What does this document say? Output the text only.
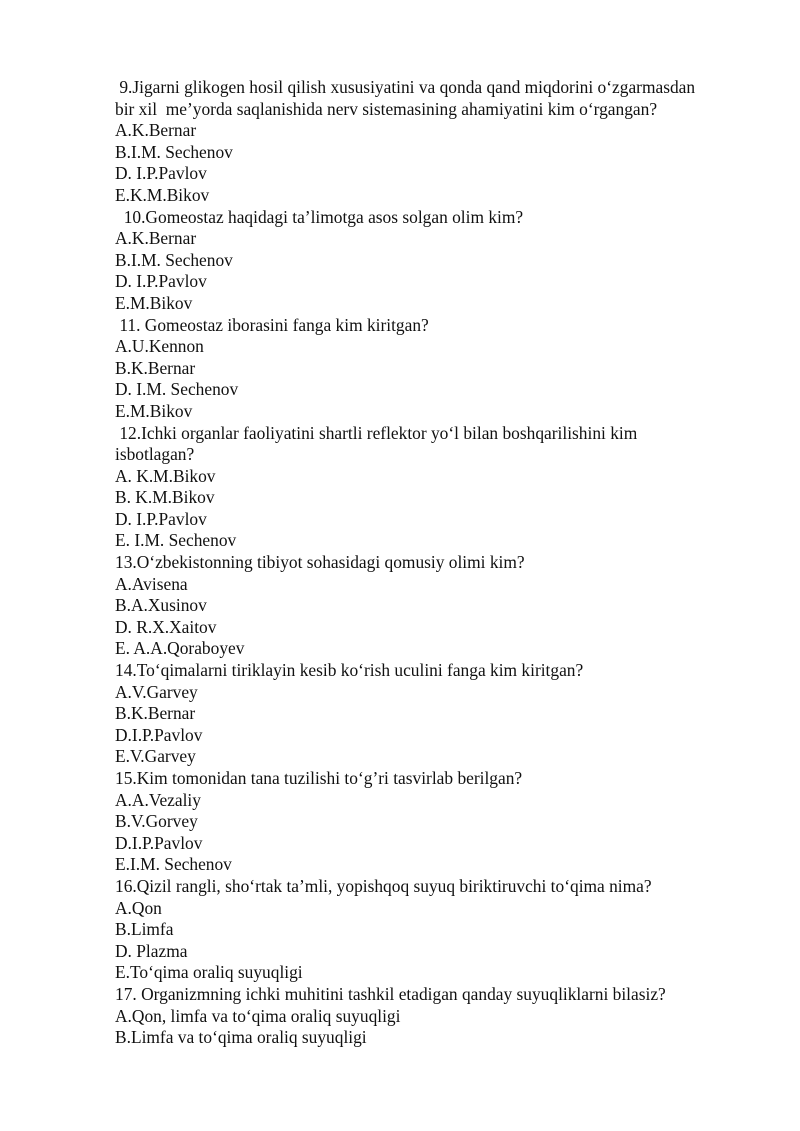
9.Jigarni glikogen hosil qilish xususiyatini va qonda qand miqdorini o‘zgarmasdan
bir xil  me’yorda saqlanishida nerv sistemasining ahamiyatini kim o‘rgangan?
A.K.Bernar
B.I.M. Sechenov
D. I.P.Pavlov
E.K.M.Bikov
10.Gomeostaz haqidagi ta’limotga asos solgan olim kim?
A.K.Bernar
B.I.M. Sechenov
D. I.P.Pavlov
E.M.Bikov
11. Gomeostaz iborasini fanga kim kiritgan?
A.U.Kennon
B.K.Bernar
D. I.M. Sechenov
E.M.Bikov
12.Ichki organlar faoliyatini shartli reflektor yo‘l bilan boshqarilishini kim
isbotlagan?
A. K.M.Bikov
B. K.M.Bikov
D. I.P.Pavlov
E. I.M. Sechenov
13.O‘zbekistonning tibiyot sohasidagi qomusiy olimi kim?
A.Avisena
B.A.Xusinov
D. R.X.Xaitov
E. A.A.Qoraboyev
14.To‘qimalarni tiriklayin kesib ko‘rish uculini fanga kim kiritgan?
A.V.Garvey
B.K.Bernar
D.I.P.Pavlov
E.V.Garvey
15.Kim tomonidan tana tuzilishi to‘g’ri tasvirlab berilgan?
A.A.Vezaliy
B.V.Gorvey
D.I.P.Pavlov
E.I.M. Sechenov
16.Qizil rangli, sho‘rtak ta’mli, yopishqoq suyuq biriktiruvchi to‘qima nima?
A.Qon
B.Limfa
D. Plazma
E.To‘qima oraliq suyuqligi
17. Organizmning ichki muhitini tashkil etadigan qanday suyuqliklarni bilasiz?
A.Qon, limfa va to‘qima oraliq suyuqligi
B.Limfa va to‘qima oraliq suyuqligi
